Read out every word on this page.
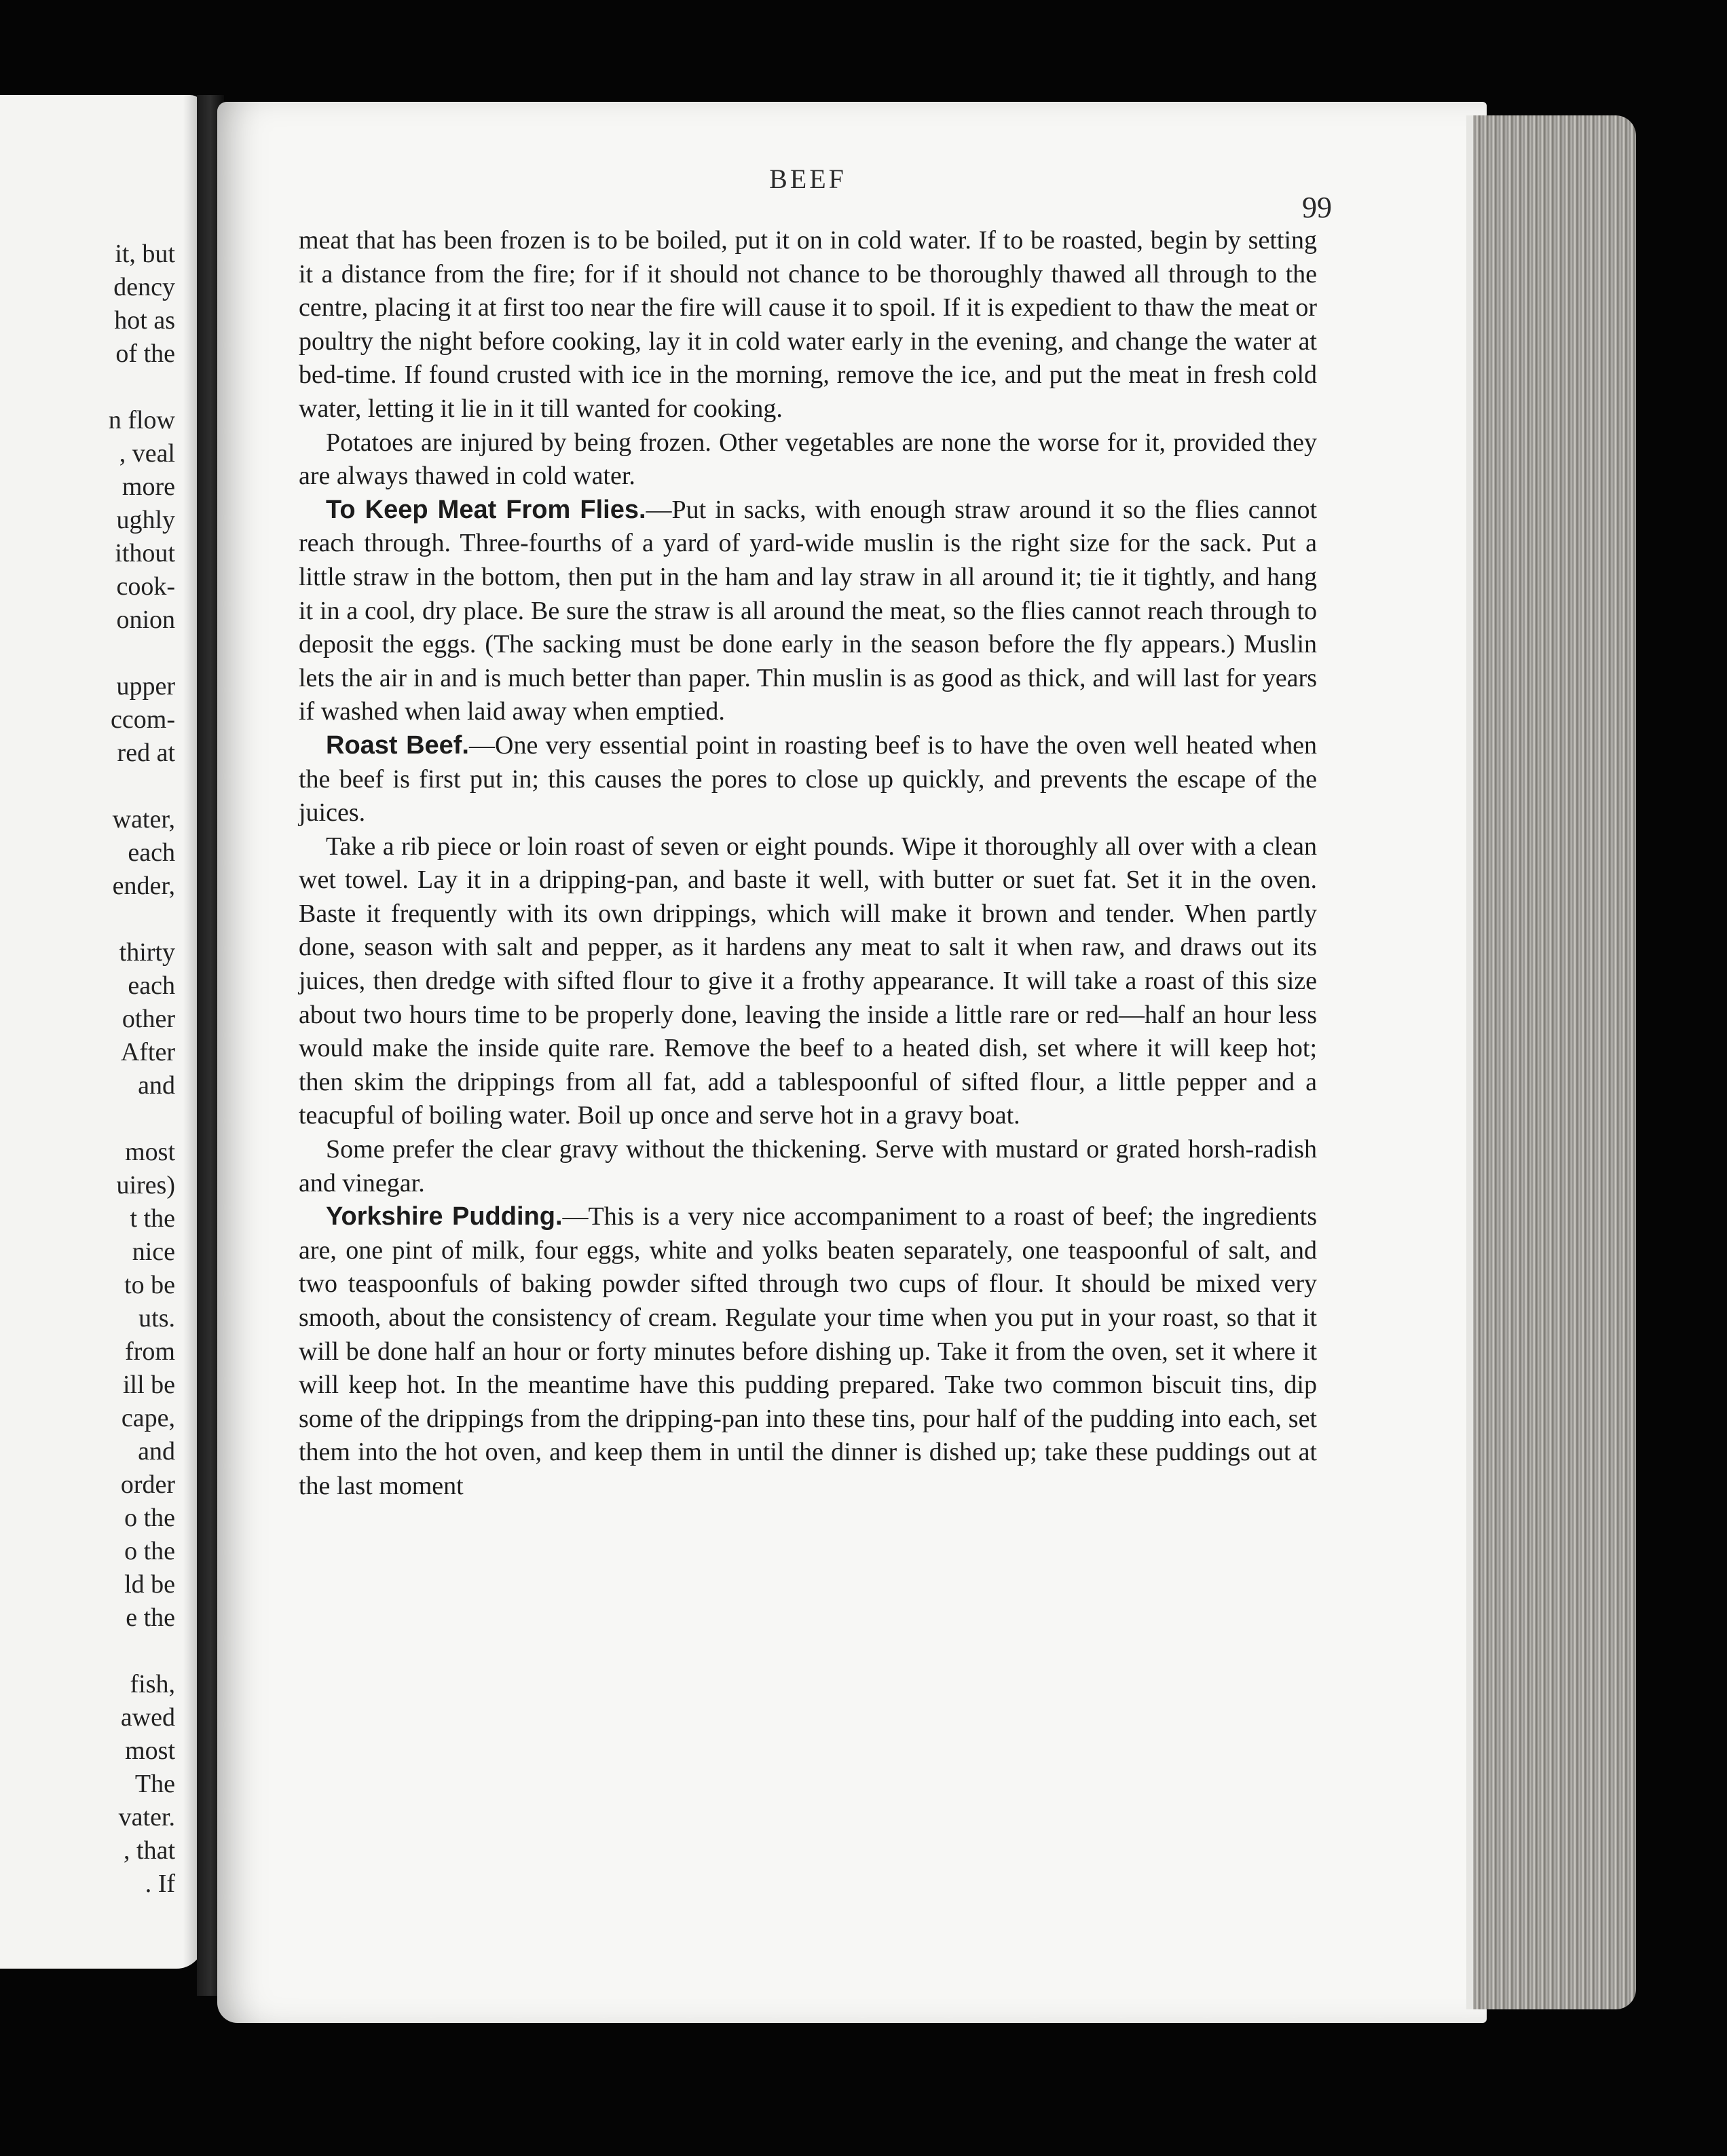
it, but
dency
hot as
of the
n flow
, veal
more
ughly
ithout
cook-
onion
upper
ccom-
red at
water,
each
ender,
thirty
each
other
After
and
most
uires)
t the
nice
to be
uts.
from
ill be
cape,
and
order
o the
o the
ld be
e the
fish,
awed
most
The
vater.
, that
. If
BEEF
99

meat that has been frozen is to be boiled, put it on in cold water. If to be roasted, begin by setting it a distance from the fire; for if it should not chance to be thoroughly thawed all through to the centre, placing it at first too near the fire will cause it to spoil. If it is expedient to thaw the meat or poultry the night before cooking, lay it in cold water early in the evening, and change the water at bed-time. If found crusted with ice in the morning, remove the ice, and put the meat in fresh cold water, letting it lie in it till wanted for cooking.

Potatoes are injured by being frozen. Other vegetables are none the worse for it, provided they are always thawed in cold water.

To Keep Meat From Flies.—Put in sacks, with enough straw around it so the flies cannot reach through. Three-fourths of a yard of yard-wide muslin is the right size for the sack. Put a little straw in the bottom, then put in the ham and lay straw in all around it; tie it tightly, and hang it in a cool, dry place. Be sure the straw is all around the meat, so the flies cannot reach through to deposit the eggs. (The sacking must be done early in the season before the fly appears.) Muslin lets the air in and is much better than paper. Thin muslin is as good as thick, and will last for years if washed when laid away when emptied.

Roast Beef.—One very essential point in roasting beef is to have the oven well heated when the beef is first put in; this causes the pores to close up quickly, and prevents the escape of the juices.

Take a rib piece or loin roast of seven or eight pounds. Wipe it thoroughly all over with a clean wet towel. Lay it in a dripping-pan, and baste it well, with butter or suet fat. Set it in the oven. Baste it frequently with its own drippings, which will make it brown and tender. When partly done, season with salt and pepper, as it hardens any meat to salt it when raw, and draws out its juices, then dredge with sifted flour to give it a frothy appearance. It will take a roast of this size about two hours time to be properly done, leaving the inside a little rare or red—half an hour less would make the inside quite rare. Remove the beef to a heated dish, set where it will keep hot; then skim the drippings from all fat, add a tablespoonful of sifted flour, a little pepper and a teacupful of boiling water. Boil up once and serve hot in a gravy boat.

Some prefer the clear gravy without the thickening. Serve with mustard or grated horsh-radish and vinegar.

Yorkshire Pudding.—This is a very nice accompaniment to a roast of beef; the ingredients are, one pint of milk, four eggs, white and yolks beaten separately, one teaspoonful of salt, and two teaspoonfuls of baking powder sifted through two cups of flour. It should be mixed very smooth, about the consistency of cream. Regulate your time when you put in your roast, so that it will be done half an hour or forty minutes before dishing up. Take it from the oven, set it where it will keep hot. In the meantime have this pudding prepared. Take two common biscuit tins, dip some of the drippings from the dripping-pan into these tins, pour half of the pudding into each, set them into the hot oven, and keep them in until the dinner is dished up; take these puddings out at the last moment
